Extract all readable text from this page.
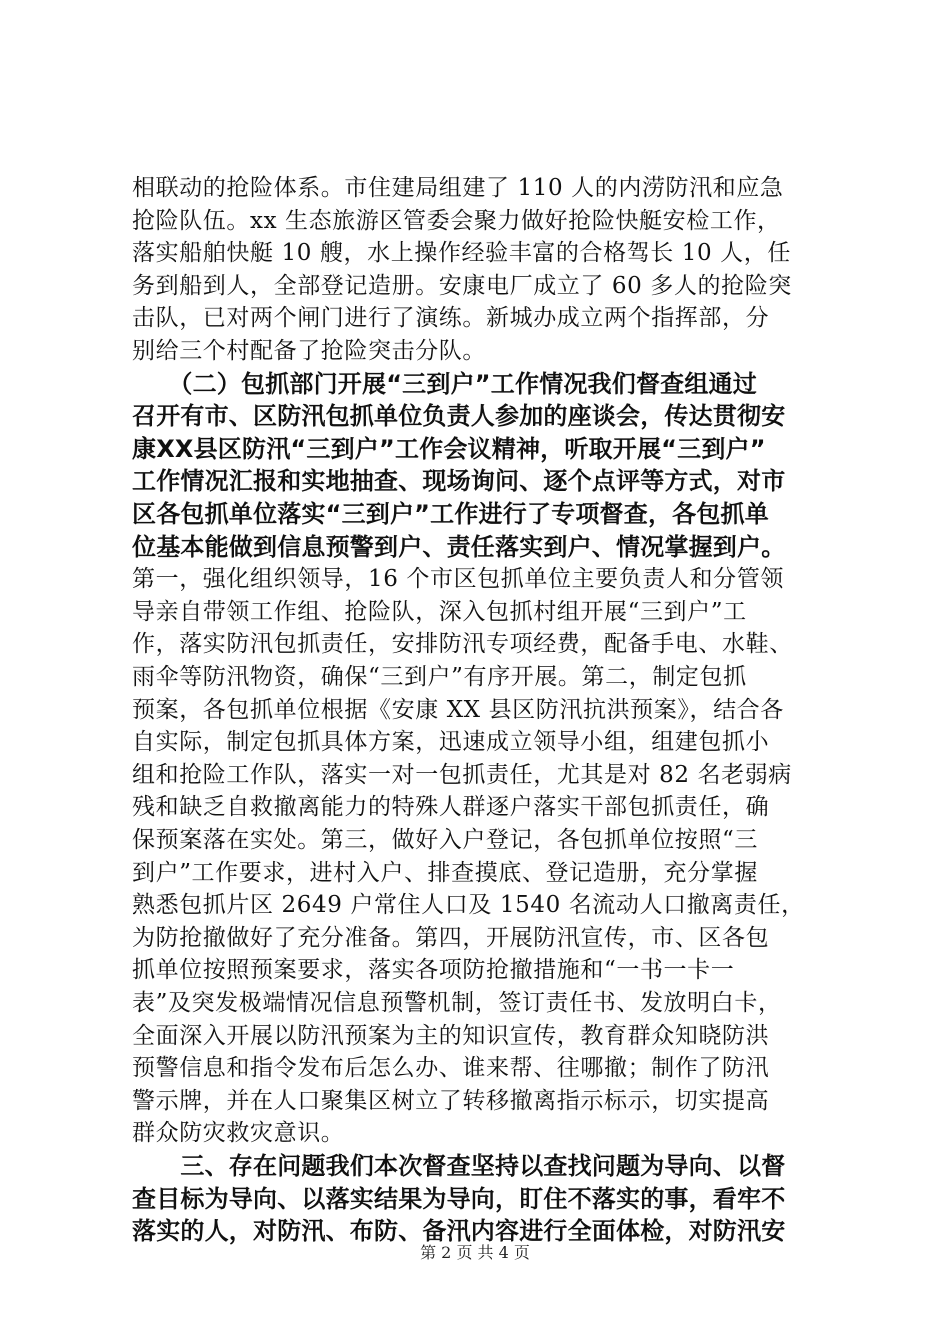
相联动的抢险体系。市住建局组建了 110 人的内涝防汛和应急
抢险队伍。xx 生态旅游区管委会聚力做好抢险快艇安检工作，
落实船舶快艇 10 艘，水上操作经验丰富的合格驾长 10 人，任
务到船到人，全部登记造册。安康电厂成立了 60 多人的抢险突
击队，已对两个闸门进行了演练。新城办成立两个指挥部，分
别给三个村配备了抢险突击分队。
　　（二）包抓部门开展“三到户”工作情况我们督查组通过
召开有市、区防汛包抓单位负责人参加的座谈会，传达贯彻安
康XX县区防汛“三到户”工作会议精神，听取开展“三到户”
工作情况汇报和实地抽查、现场询问、逐个点评等方式，对市
区各包抓单位落实“三到户”工作进行了专项督查，各包抓单
位基本能做到信息预警到户、责任落实到户、情况掌握到户。
第一，强化组织领导，16 个市区包抓单位主要负责人和分管领
导亲自带领工作组、抢险队，深入包抓村组开展“三到户”工
作，落实防汛包抓责任，安排防汛专项经费，配备手电、水鞋、
雨伞等防汛物资，确保“三到户”有序开展。第二，制定包抓
预案，各包抓单位根据《安康 XX 县区防汛抗洪预案》，结合各
自实际，制定包抓具体方案，迅速成立领导小组，组建包抓小
组和抢险工作队，落实一对一包抓责任，尤其是对 82 名老弱病
残和缺乏自救撤离能力的特殊人群逐户落实干部包抓责任，确
保预案落在实处。第三，做好入户登记，各包抓单位按照“三
到户”工作要求，进村入户、排查摸底、登记造册，充分掌握
熟悉包抓片区 2649 户常住人口及 1540 名流动人口撤离责任，
为防抢撤做好了充分准备。第四，开展防汛宣传，市、区各包
抓单位按照预案要求，落实各项防抢撤措施和“一书一卡一
表”及突发极端情况信息预警机制，签订责任书、发放明白卡，
全面深入开展以防汛预案为主的知识宣传，教育群众知晓防洪
预警信息和指令发布后怎么办、谁来帮、往哪撤；制作了防汛
警示牌，并在人口聚集区树立了转移撤离指示标示，切实提高
群众防灾救灾意识。
　　三、存在问题我们本次督查坚持以查找问题为导向、以督
查目标为导向、以落实结果为导向，盯住不落实的事，看牢不
落实的人，对防汛、布防、备汛内容进行全面体检，对防汛安
第 2 页 共 4 页
